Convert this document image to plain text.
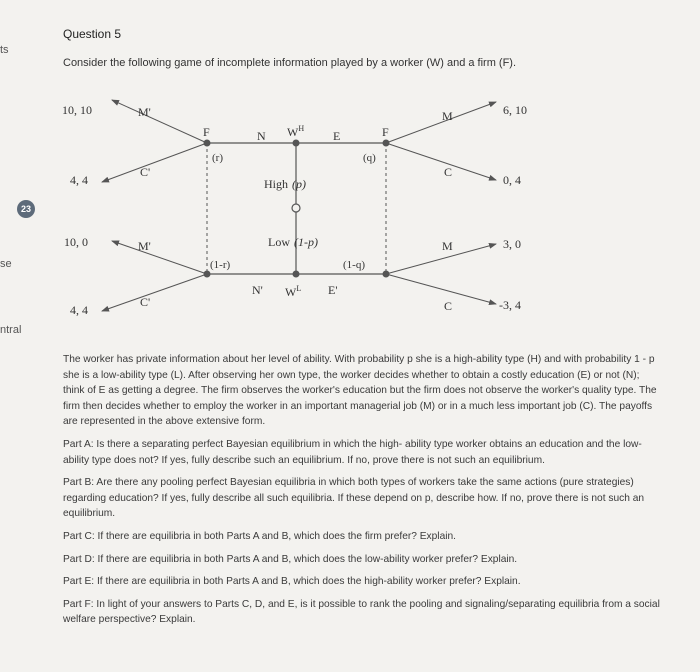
ts
23
se
ntral
Question 5
Consider the following game of incomplete information played by a worker (W) and a firm (F).
10, 10
4, 4
10, 0
4, 4
6, 10
0, 4
3, 0
-3, 4
M'
C'
M'
C'
M
C
M
C
F
(r)
(1-r)
F
(q)
(1-q)
$W^H$
N	E
$W^L$
N'	E'
High (p)
Low (1-p)

The worker has private information about her level of ability. With probability p she is a high-ability type (H) and with probability 1 - p she is a low-ability type (L). After observing her own type, the worker decides whether to obtain a costly education (E) or not (N); think of E as getting a degree. The firm observes the worker's education but the firm does not observe the worker's quality type. The firm then decides whether to employ the worker in an important managerial job (M) or in a much less important job (C). The payoffs are represented in the above extensive form.

Part A: Is there a separating perfect Bayesian equilibrium in which the high- ability type worker obtains an education and the low-ability type does not? If yes, fully describe such an equilibrium. If no, prove there is not such an equilibrium.

Part B: Are there any pooling perfect Bayesian equilibria in which both types of workers take the same actions (pure strategies) regarding education? If yes, fully describe all such equilibria. If these depend on p, describe how. If no, prove there is not such an equilibrium.

Part C: If there are equilibria in both Parts A and B, which does the firm prefer? Explain.

Part D: If there are equilibria in both Parts A and B, which does the low-ability worker prefer? Explain.

Part E: If there are equilibria in both Parts A and B, which does the high-ability worker prefer? Explain.

Part F: In light of your answers to Parts C, D, and E, is it possible to rank the pooling and signaling/separating equilibria from a social welfare perspective? Explain.
